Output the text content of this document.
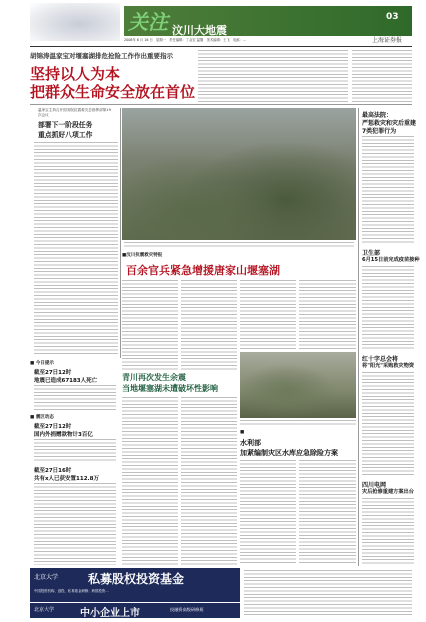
关注 汶川大地震
03
2008年 6 月 16 日　星期一　责任编辑：丁金宏 温馨　美术编辑：王飞　电邮：...	上海证券报
胡锦涛温家宝对堰塞湖排危抢险工作作出重要指示
坚持以人为本
把群众生命安全放在首位
温家宝主持召开国务院抗震救灾总指挥部第19次会议
部署下一阶段任务
重点抓好八项工作
■ 今日提示
截至27日12时
地震已造成67183人死亡
■ 震区动态
截至27日12时
国内外捐赠款物计3百亿
截至27日16时
共有x人已获安置112.8万
■汶川抗震救灾特报
百余官兵紧急增援唐家山堰塞湖
青川再次发生余震
当地堰塞湖未遭破坏性影响
■
水利部
加紧编制灾区水库应急除险方案
最高法院：
严惩救灾和灾后重建
7类犯罪行为
卫生部
6月15日前完成疫苗接种
红十字总会将
将"阳光"采购救灾物资
四川电网
灾后抢修重建方案出台
北京大学 私募股权投资基金
中国投资机构、创投、私募基金研修；跨国投资…
北京大学	中小企业上市	投融资高级研修班
